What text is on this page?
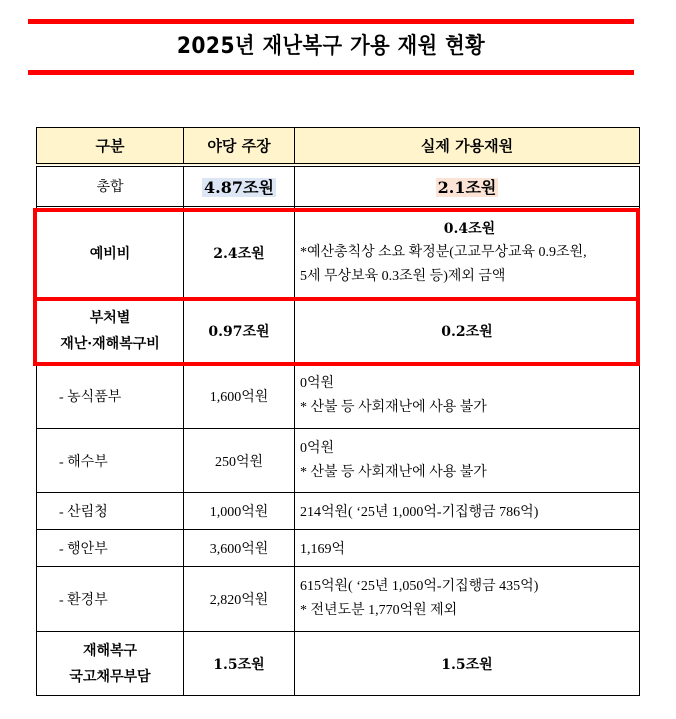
2025년 재난복구 가용 재원 현황
구분	야당 주장	실제 가용재원
총합	4.87조원	2.1조원
예비비	2.4조원	0.4조원
*예산총칙상 소요 확정분(고교무상교육 0.9조원,
5세 무상보육 0.3조원 등)제외 금액

부처별
재난·재해복구비	0.97조원	0.2조원
- 농식품부	1,600억원	0억원
* 산불 등 사회재난에 사용 불가

- 해수부	250억원	0억원
* 산불 등 사회재난에 사용 불가

- 산림청	1,000억원	214억원( ‘25년 1,000억-기집행금 786억)
- 행안부	3,600억원	1,169억
- 환경부	2,820억원	615억원( ‘25년 1,050억-기집행금 435억)
* 전년도분 1,770억원 제외

재해복구
국고채무부담	1.5조원	1.5조원
